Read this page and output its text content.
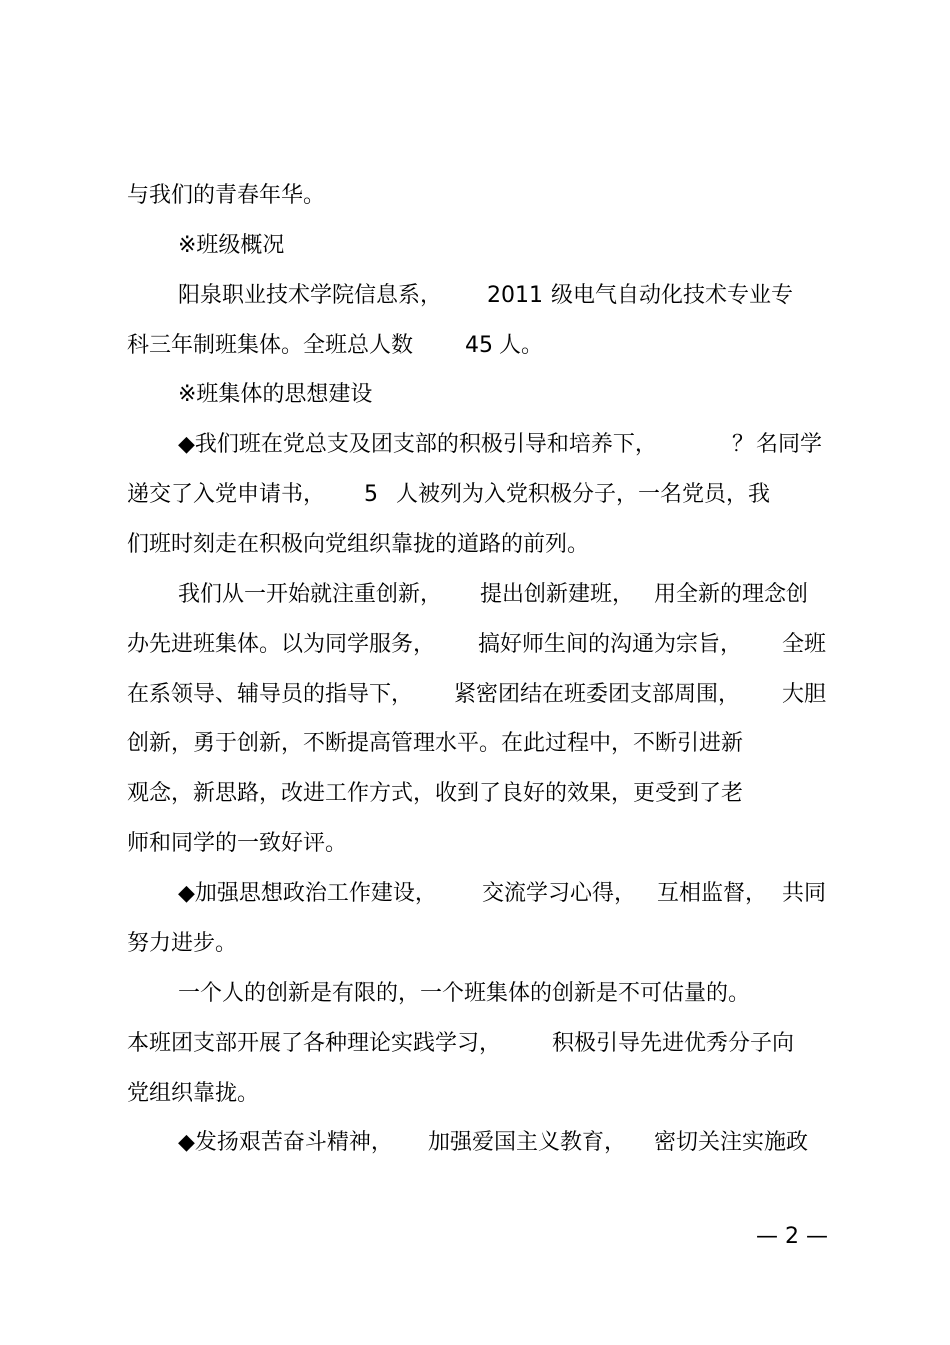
与我们的青春年华。
※班级概况
阳泉职业技术学院信息系， 2011 级电气自动化技术专业专
科三年制班集体。全班总人数 45 人。
※班集体的思想建设
◆我们班在党总支及团支部的积极引导和培养下，	？ 名同学
递交了入党申请书， 5 人被列为入党积极分子，一名党员，我
们班时刻走在积极向党组织靠拢的道路的前列。
我们从一开始就注重创新， 提出创新建班， 用全新的理念创
办先进班集体。以为同学服务， 搞好师生间的沟通为宗旨， 全班
在系领导、辅导员的指导下， 紧密团结在班委团支部周围， 大胆
创新，勇于创新，不断提高管理水平。在此过程中，不断引进新
观念，新思路，改进工作方式，收到了良好的效果，更受到了老
师和同学的一致好评。
◆加强思想政治工作建设， 交流学习心得， 互相监督， 共同
努力进步。
一个人的创新是有限的，一个班集体的创新是不可估量的。
本班团支部开展了各种理论实践学习， 积极引导先进优秀分子向
党组织靠拢。
◆发扬艰苦奋斗精神， 加强爱国主义教育， 密切关注实施政
— 2 —
